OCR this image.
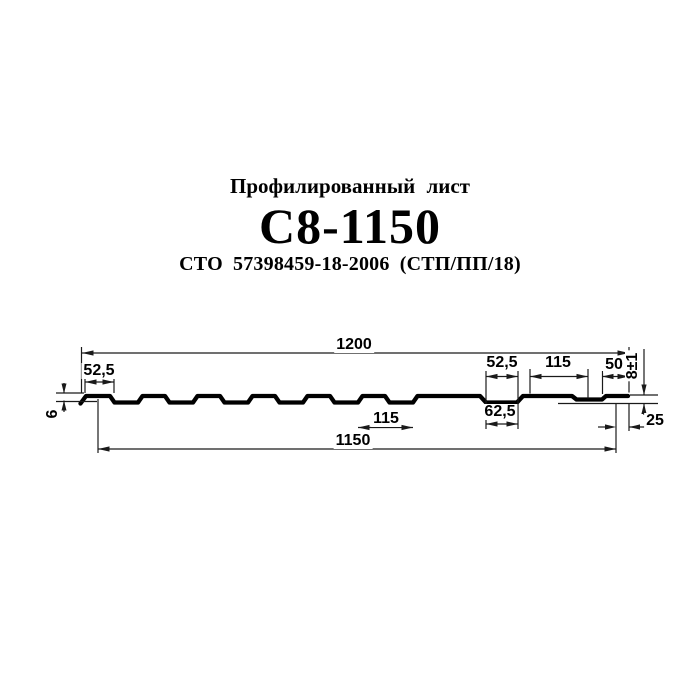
Профилированный лист
С8-1150
СТО 57398459-18-2006 (СТП/ПП/18)
1200
1150
52,5	52,5 115 50 8±1
62,5
115	25
6
